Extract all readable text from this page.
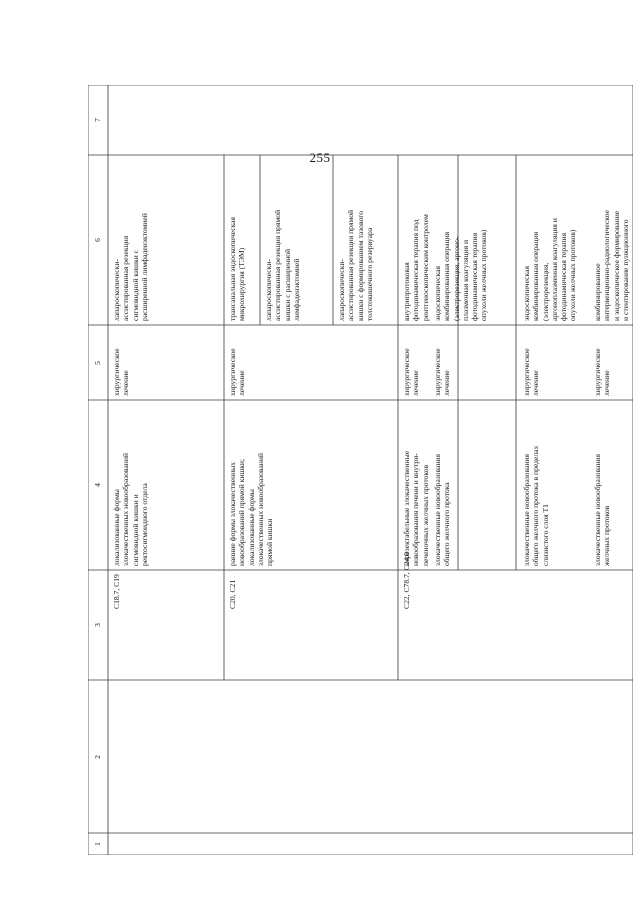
255
1
2
3
4
5
6
7
C18.7, C19
локализованные формы
злокачественных новообразований
сигмовидной кишки и
ректосигмоидного отдела
хирургическое
лечение
лапароскопически-
ассистированная резекция
сигмовидной кишки с
расширенной лимфаденэктомией
C20, C21
ранние формы злокачественных
новообразований прямой кишки;
локализованные формы
злокачественных новообразований
прямой кишки
хирургическое
лечение
трансанальная эндоскопическая
микрохирургия (ТЭМ)
лапароскопически-
ассистированная резекция прямой
кишки с расширенной
лимфаденэктомией	лапароскопически-
ассистированная резекция прямой
кишки с формированием тазового
толстокишечного резервуара
C22, C78.7, C24.0
нерезектабельные злокачественные
новообразования печени и внутри-
печеночных желчных протоков
хирургическое
лечение
внутрипротоковая
фотодинамическая терапия под
рентгеноскопическим контролем
злокачественные новообразования
общего желчного протока
хирургическое
лечение
эндоскопическая
комбинированная операция
(электрорезекция, аргоно-
плазменная коагуляция и
фотодинамическая терапия
опухоли желчных протоков)
злокачественные новообразования
общего желчного протока в пределах
слизистого слоя T1
хирургическое
лечение
эндоскопическая
комбинированная операция
(электрорезекция,
аргоноплазменная коагуляция и
фотодинамическая терапия
опухоли желчных протоков)
злокачественные новообразования
желчных протоков
хирургическое
лечение
комбинированное
интервенционно-радиологическое
и эндоскопическое формирование
и стентирование пункционного
